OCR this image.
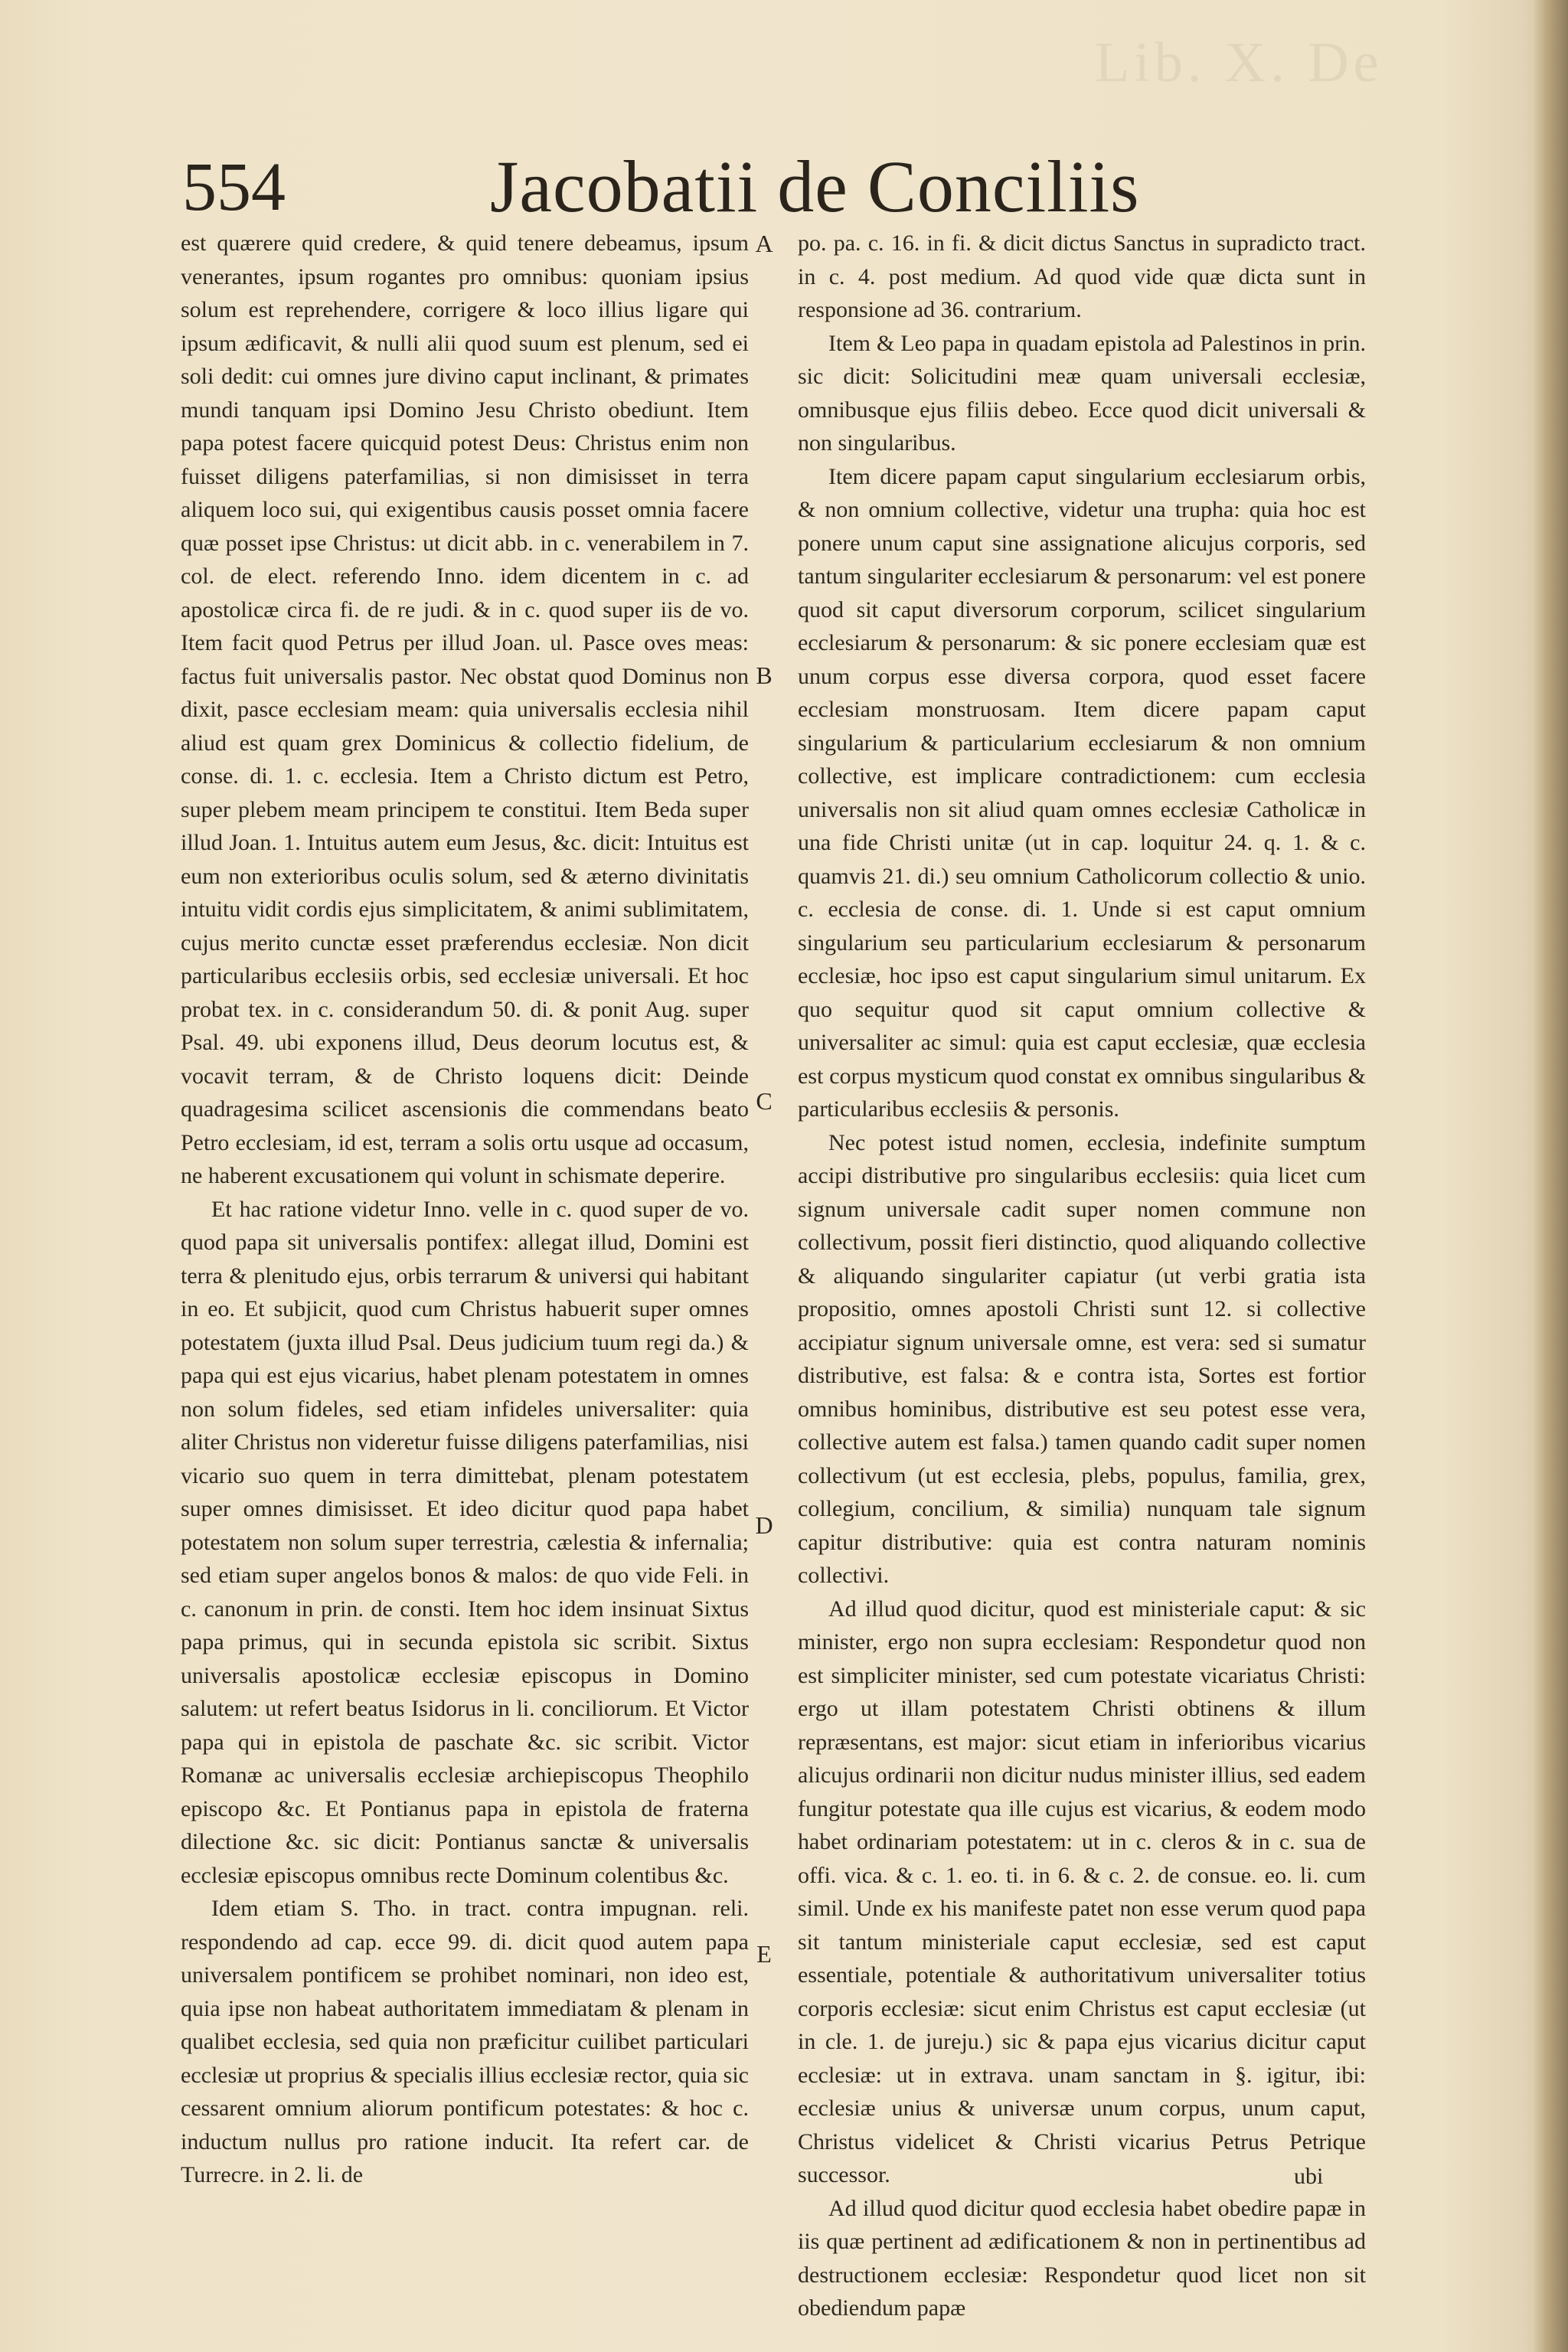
Lib. X. De
554	Jacobatii de Conciliis

est quærere quid credere, & quid tenere debeamus, ipsum venerantes, ipsum rogantes pro omnibus: quoniam ipsius solum est reprehendere, corrigere & loco illius ligare qui ipsum ædificavit, & nulli alii quod suum est plenum, sed ei soli dedit: cui omnes jure divino caput inclinant, & primates mundi tanquam ipsi Domino Jesu Christo obediunt. Item papa potest facere quicquid potest Deus: Christus enim non fuisset diligens paterfamilias, si non dimisisset in terra aliquem loco sui, qui exigentibus causis posset omnia facere quæ posset ipse Christus: ut dicit abb. in c. venerabilem in 7. col. de elect. referendo Inno. idem dicentem in c. ad apostolicæ circa fi. de re judi. & in c. quod super iis de vo. Item facit quod Petrus per illud Joan. ul. Pasce oves meas: factus fuit universalis pastor. Nec obstat quod Dominus non dixit, pasce ecclesiam meam: quia universalis ecclesia nihil aliud est quam grex Dominicus & collectio fidelium, de conse. di. 1. c. ecclesia. Item a Christo dictum est Petro, super plebem meam principem te constitui. Item Beda super illud Joan. 1. Intuitus autem eum Jesus, &c. dicit: Intuitus est eum non exterioribus oculis solum, sed & æterno divinitatis intuitu vidit cordis ejus simplicitatem, & animi sublimitatem, cujus merito cunctæ esset præferendus ecclesiæ. Non dicit particularibus ecclesiis orbis, sed ecclesiæ universali. Et hoc probat tex. in c. considerandum 50. di. & ponit Aug. super Psal. 49. ubi exponens illud, Deus deorum locutus est, & vocavit terram, & de Christo loquens dicit: Deinde quadragesima scilicet ascensionis die commendans beato Petro ecclesiam, id est, terram a solis ortu usque ad occasum, ne haberent excusationem qui volunt in schismate deperire.

Et hac ratione videtur Inno. velle in c. quod super de vo. quod papa sit universalis pontifex: allegat illud, Domini est terra & plenitudo ejus, orbis terrarum & universi qui habitant in eo. Et subjicit, quod cum Christus habuerit super omnes potestatem (juxta illud Psal. Deus judicium tuum regi da.) & papa qui est ejus vicarius, habet plenam potestatem in omnes non solum fideles, sed etiam infideles universaliter: quia aliter Christus non videretur fuisse diligens paterfamilias, nisi vicario suo quem in terra dimittebat, plenam potestatem super omnes dimisisset. Et ideo dicitur quod papa habet potestatem non solum super terrestria, cælestia & infernalia; sed etiam super angelos bonos & malos: de quo vide Feli. in c. canonum in prin. de consti. Item hoc idem insinuat Sixtus papa primus, qui in secunda epistola sic scribit. Sixtus universalis apostolicæ ecclesiæ episcopus in Domino salutem: ut refert beatus Isidorus in li. conciliorum. Et Victor papa qui in epistola de paschate &c. sic scribit. Victor Romanæ ac universalis ecclesiæ archiepiscopus Theophilo episcopo &c. Et Pontianus papa in epistola de fraterna dilectione &c. sic dicit: Pontianus sanctæ & universalis ecclesiæ episcopus omnibus recte Dominum colentibus &c.

Idem etiam S. Tho. in tract. contra impugnan. reli. respondendo ad cap. ecce 99. di. dicit quod autem papa universalem pontificem se prohibet nominari, non ideo est, quia ipse non habeat authoritatem immediatam & plenam in qualibet ecclesia, sed quia non præficitur cuilibet particulari ecclesiæ ut proprius & specialis illius ecclesiæ rector, quia sic cessarent omnium aliorum pontificum potestates: & hoc c. inductum nullus pro ratione inducit. Ita refert car. de Turrecre. in 2. li. de

A
B
C
D
E

po. pa. c. 16. in fi. & dicit dictus Sanctus in supradicto tract. in c. 4. post medium. Ad quod vide quæ dicta sunt in responsione ad 36. contrarium.

Item & Leo papa in quadam epistola ad Palestinos in prin. sic dicit: Solicitudini meæ quam universali ecclesiæ, omnibusque ejus filiis debeo. Ecce quod dicit universali & non singularibus.

Item dicere papam caput singularium ecclesiarum orbis, & non omnium collective, videtur una trupha: quia hoc est ponere unum caput sine assignatione alicujus corporis, sed tantum singulariter ecclesiarum & personarum: vel est ponere quod sit caput diversorum corporum, scilicet singularium ecclesiarum & personarum: & sic ponere ecclesiam quæ est unum corpus esse diversa corpora, quod esset facere ecclesiam monstruosam. Item dicere papam caput singularium & particularium ecclesiarum & non omnium collective, est implicare contradictionem: cum ecclesia universalis non sit aliud quam omnes ecclesiæ Catholicæ in una fide Christi unitæ (ut in cap. loquitur 24. q. 1. & c. quamvis 21. di.) seu omnium Catholicorum collectio & unio. c. ecclesia de conse. di. 1. Unde si est caput omnium singularium seu particularium ecclesiarum & personarum ecclesiæ, hoc ipso est caput singularium simul unitarum. Ex quo sequitur quod sit caput omnium collective & universaliter ac simul: quia est caput ecclesiæ, quæ ecclesia est corpus mysticum quod constat ex omnibus singularibus & particularibus ecclesiis & personis.

Nec potest istud nomen, ecclesia, indefinite sumptum accipi distributive pro singularibus ecclesiis: quia licet cum signum universale cadit super nomen commune non collectivum, possit fieri distinctio, quod aliquando collective & aliquando singulariter capiatur (ut verbi gratia ista propositio, omnes apostoli Christi sunt 12. si collective accipiatur signum universale omne, est vera: sed si sumatur distributive, est falsa: & e contra ista, Sortes est fortior omnibus hominibus, distributive est seu potest esse vera, collective autem est falsa.) tamen quando cadit super nomen collectivum (ut est ecclesia, plebs, populus, familia, grex, collegium, concilium, & similia) nunquam tale signum capitur distributive: quia est contra naturam nominis collectivi.

Ad illud quod dicitur, quod est ministeriale caput: & sic minister, ergo non supra ecclesiam: Respondetur quod non est simpliciter minister, sed cum potestate vicariatus Christi: ergo ut illam potestatem Christi obtinens & illum repræsentans, est major: sicut etiam in inferioribus vicarius alicujus ordinarii non dicitur nudus minister illius, sed eadem fungitur potestate qua ille cujus est vicarius, & eodem modo habet ordinariam potestatem: ut in c. cleros & in c. sua de offi. vica. & c. 1. eo. ti. in 6. & c. 2. de consue. eo. li. cum simil. Unde ex his manifeste patet non esse verum quod papa sit tantum ministeriale caput ecclesiæ, sed est caput essentiale, potentiale & authoritativum universaliter totius corporis ecclesiæ: sicut enim Christus est caput ecclesiæ (ut in cle. 1. de jureju.) sic & papa ejus vicarius dicitur caput ecclesiæ: ut in extrava. unam sanctam in §. igitur, ibi: ecclesiæ unius & universæ unum corpus, unum caput, Christus videlicet & Christi vicarius Petrus Petrique successor.

Ad illud quod dicitur quod ecclesia habet obedire papæ in iis quæ pertinent ad ædificationem & non in pertinentibus ad destructionem ecclesiæ: Respondetur quod licet non sit obediendum papæ

ubi
